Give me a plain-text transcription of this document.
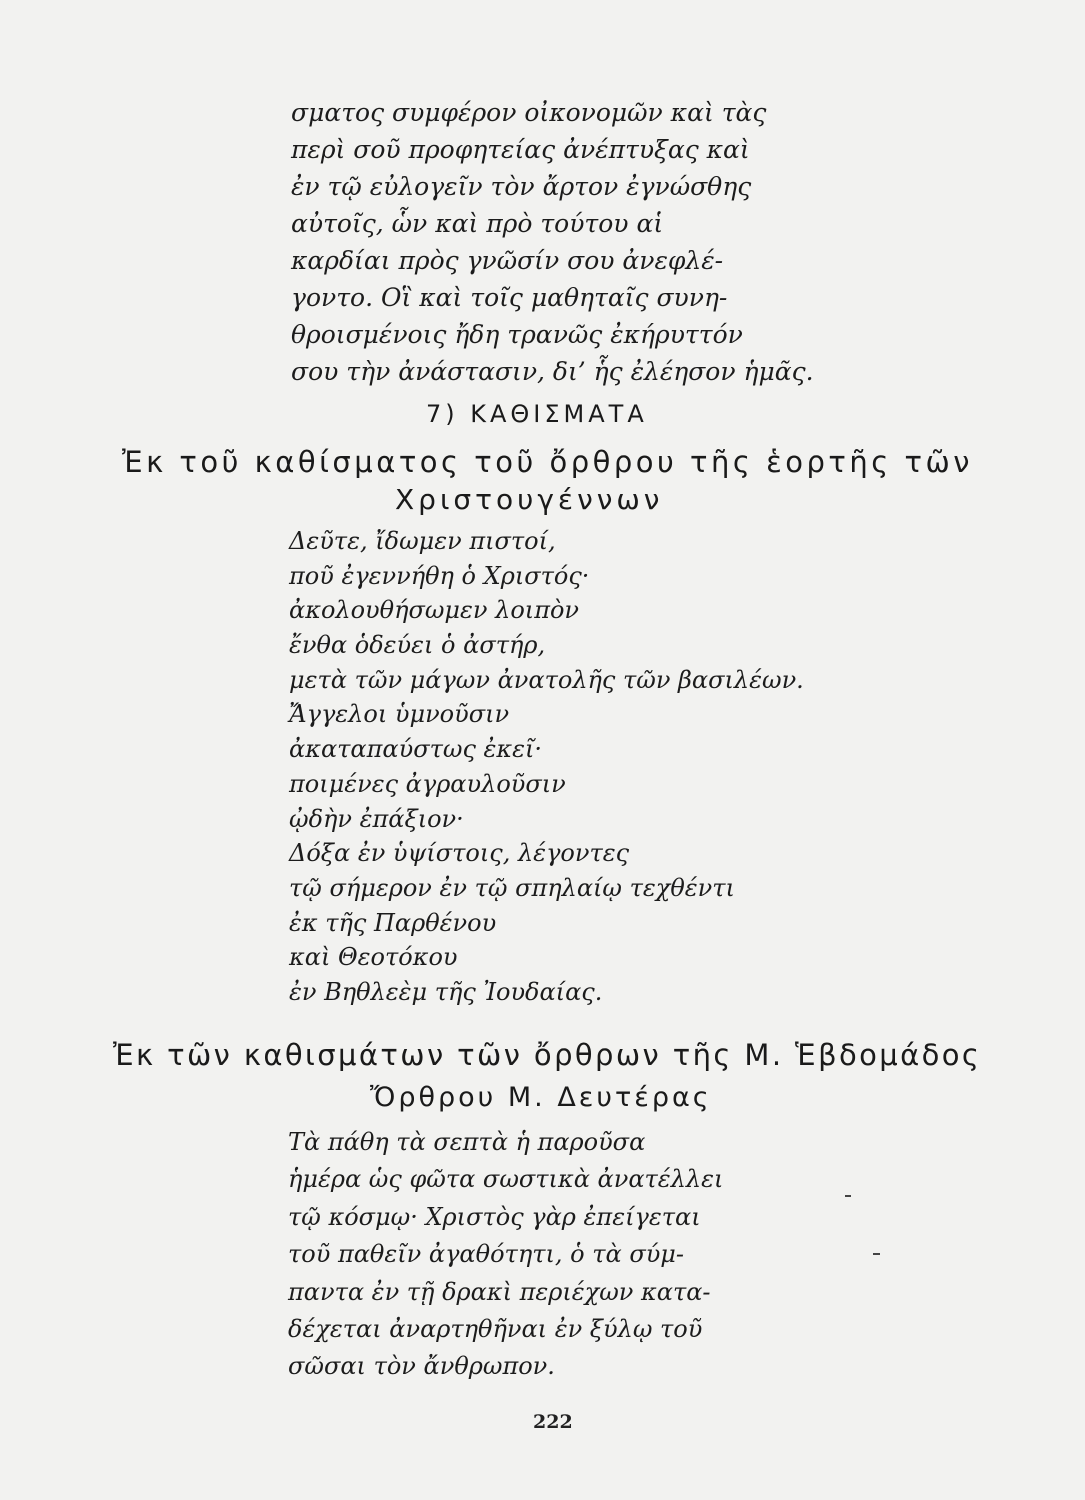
σματος συμφέρον οἰκονομῶν καὶ τὰς
περὶ σοῦ προφητείας ἀνέπτυξας καὶ
ἐν τῷ εὐλογεῖν τὸν ἄρτον ἐγνώσθης
αὐτοῖς, ὧν καὶ πρὸ τούτου αἱ
καρδίαι πρὸς γνῶσίν σου ἀνεφλέ-
γοντο. Οἳ καὶ τοῖς μαθηταῖς συνη-
θροισμένοις ἤδη τρανῶς ἐκήρυττόν
σου τὴν ἀνάστασιν, δι’ ἧς ἐλέησον ἡμᾶς.
7) ΚΑΘΙΣΜΑΤΑ
Ἐκ τοῦ καθίσματος τοῦ ὄρθρου τῆς ἑορτῆς τῶν
Χριστουγέννων
Δεῦτε, ἴδωμεν πιστοί,
ποῦ ἐγεννήθη ὁ Χριστός·
ἀκολουθήσωμεν λοιπὸν
ἔνθα ὁδεύει ὁ ἀστήρ,
μετὰ τῶν μάγων ἀνατολῆς τῶν βασιλέων.
Ἄγγελοι ὑμνοῦσιν
ἀκαταπαύστως ἐκεῖ·
ποιμένες ἀγραυλοῦσιν
ᾠδὴν ἐπάξιον·
Δόξα ἐν ὑψίστοις, λέγοντες
τῷ σήμερον ἐν τῷ σπηλαίῳ τεχθέντι
ἐκ τῆς Παρθένου
καὶ Θεοτόκου
ἐν Βηθλεὲμ τῆς Ἰουδαίας.
Ἐκ τῶν καθισμάτων τῶν ὄρθρων τῆς Μ. Ἑβδομάδος
Ὄρθρου Μ. Δευτέρας
Τὰ πάθη τὰ σεπτὰ ἡ παροῦσα
ἡμέρα ὡς φῶτα σωστικὰ ἀνατέλλει
τῷ κόσμῳ· Χριστὸς γὰρ ἐπείγεται
τοῦ παθεῖν ἀγαθότητι, ὁ τὰ σύμ-
παντα ἐν τῇ δρακὶ περιέχων κατα-
δέχεται ἀναρτηθῆναι ἐν ξύλῳ τοῦ
σῶσαι τὸν ἄνθρωπον.
222
